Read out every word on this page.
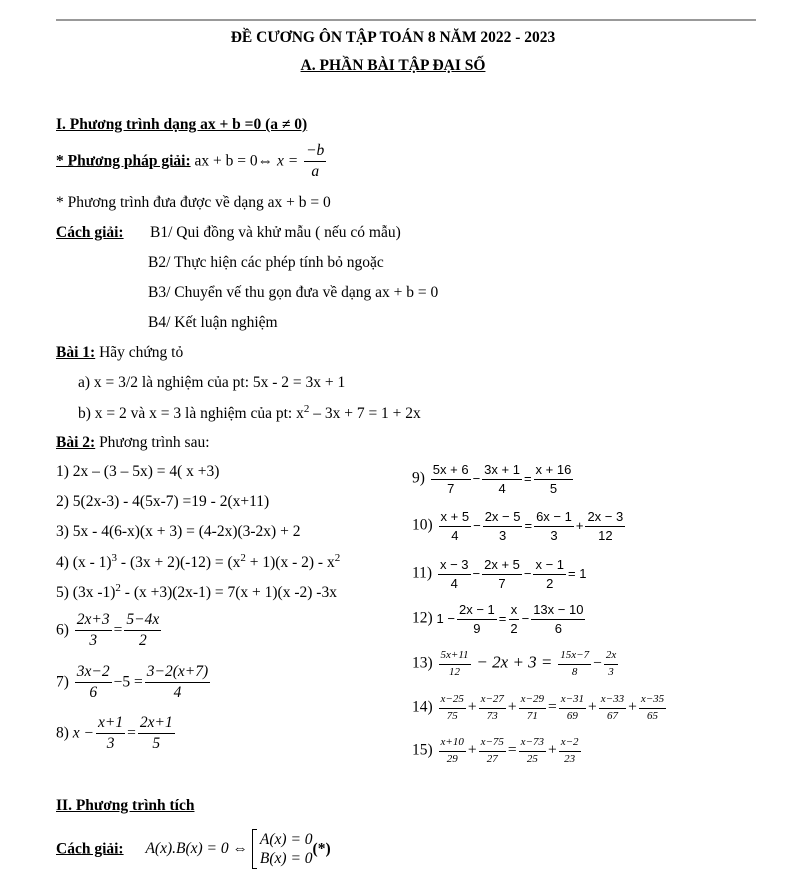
ĐỀ CƯƠNG ÔN TẬP TOÁN 8 NĂM 2022 - 2023
A. PHẦN BÀI TẬP ĐẠI SỐ
I. Phương trình dạng ax + b =0 (a ≠ 0)
* Phương pháp giải: ax + b = 0⇔ $x = \frac{-b}{a}$
* Phương trình đưa được về dạng ax + b = 0
Cách giải: B1/ Qui đồng và khử mẫu ( nếu có mẫu)
B2/ Thực hiện các phép tính bỏ ngoặc
B3/ Chuyển vế thu gọn đưa về dạng ax + b = 0
B4/ Kết luận nghiệm
Bài 1: Hãy chứng tỏ
a) x = 3/2 là nghiệm của pt: 5x - 2 = 3x + 1
b) x = 2 và x = 3 là nghiệm của pt: $x^2 - 3x + 7 = 1 + 2x$
Bài 2: Phương trình sau:
1) 2x – (3 – 5x) = 4( x +3)
2) 5(2x-3) - 4(5x-7) =19 - 2(x+11)
3) 5x - 4(6-x)(x + 3) = (4-2x)(3-2x) + 2
4) $(x - 1)^3 - (3x + 2)(-12) = (x^2 + 1)(x - 2) - x^2$
5) (3x -1)$^2$ - (x +3)(2x-1) = 7(x + 1)(x -2) -3x
$6) \frac{2x+3}{3} = \frac{5-4x}{2}$
$7) \frac{3x-2}{6} -5 = \frac{3-2(x+7)}{4}$
8) $x - \frac{x+1}{3} = \frac{2x+1}{5}$
$9) \frac{5x + 6}{7} - \frac{3x + 1}{4} = \frac{x + 16}{5}$
$10) \frac{x + 5}{4} - \frac{2x - 5}{3} = \frac{6x - 1}{3} + \frac{2x - 3}{12}$
$11) \frac{x - 3}{4} - \frac{2x + 5}{7} - \frac{x - 1}{2} = 1$
12) $1 - \frac{2x - 1}{9} = \frac{x}{2} - \frac{13x - 10}{6}$
$13) \frac{5x+11}{12} - 2x + 3 = \frac{15x-7}{8} - \frac{2x}{3}$
$14) \frac{x-25}{75} + \frac{x-27}{73} + \frac{x-29}{71} = \frac{x-31}{69} + \frac{x-33}{67} + \frac{x-35}{65}$
$15) \frac{x+10}{29} + \frac{x-75}{27} = \frac{x-73}{25} + \frac{x-2}{23}$
II. Phương trình tích
Cách giải: A(x).B(x) = 0 ⇔
A(x) = 0
B(x) = 0
(*)
